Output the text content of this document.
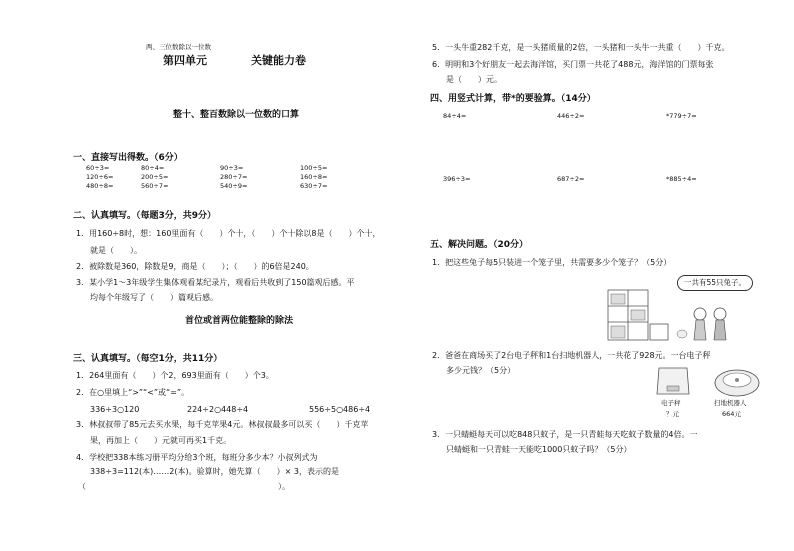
两、三位数除以一位数
第四单元	关键能力卷
整十、整百数除以一位数的口算
一、直接写出得数。（6分）
60÷3=	80÷4=	90÷3=	100÷5=
120÷6=	200÷5=	280÷7=	160÷8=
480÷8=	560÷7=	540÷9=	630÷7=
二、认真填写。（每题3分，共9分）
1．用160÷8时，想：160里面有（　　）个十，（　　）个十除以8是（　　）个十，
就是（　　）。
2．被除数是360，除数是9，商是（　　）；（　　）的6倍是240。
3．某小学1～3年级学生集体观看某纪录片，观看后共收到了150篇观后感。平
均每个年级写了（　　）篇观后感。
首位或首两位能整除的除法
三、认真填写。（每空1分，共11分）
1．264里面有（　　）个2，693里面有（　　）个3。
2．在○里填上“>”“<”或“=”。
336÷3○120	224÷2○448÷4	556÷5○486÷4
3．林叔叔带了85元去买水果，每千克苹果4元。林叔叔最多可以买（　　）千克苹
果，再加上（　　）元就可再买1千克。
4．学校把338本练习册平均分给3个班，每班分多少本？小叔列式为
338÷3=112(本)……2(本)。验算时，她先算（　　）× 3，表示的是
（　　　　　　　　　　　　　　　　　　　　　　　　）。
5．一头牛重282千克，是一头猪质量的2倍，一头猪和一头牛一共重（　　）千克。
6．明明和3个好朋友一起去海洋馆，买门票一共花了488元，海洋馆的门票每张
是（　　）元。
四、用竖式计算，带*的要验算。（14分）
84÷4=	446÷2=	*779÷7=
396÷3=	687÷2=	*885÷4=
五、解决问题。（20分）
1．把这些兔子每5只装进一个笼子里，共需要多少个笼子？（5分）
一共有55只兔子。
2．爸爸在商场买了2台电子秤和1台扫地机器人，一共花了928元。一台电子秤
多少元钱？（5分）
电子秤
？元
扫地机器人
664元
3．一只蜻蜓每天可以吃848只蚊子，是一只青蛙每天吃蚊子数量的4倍。一
只蜻蜓和一只青蛙一天能吃1000只蚊子吗？（5分）
